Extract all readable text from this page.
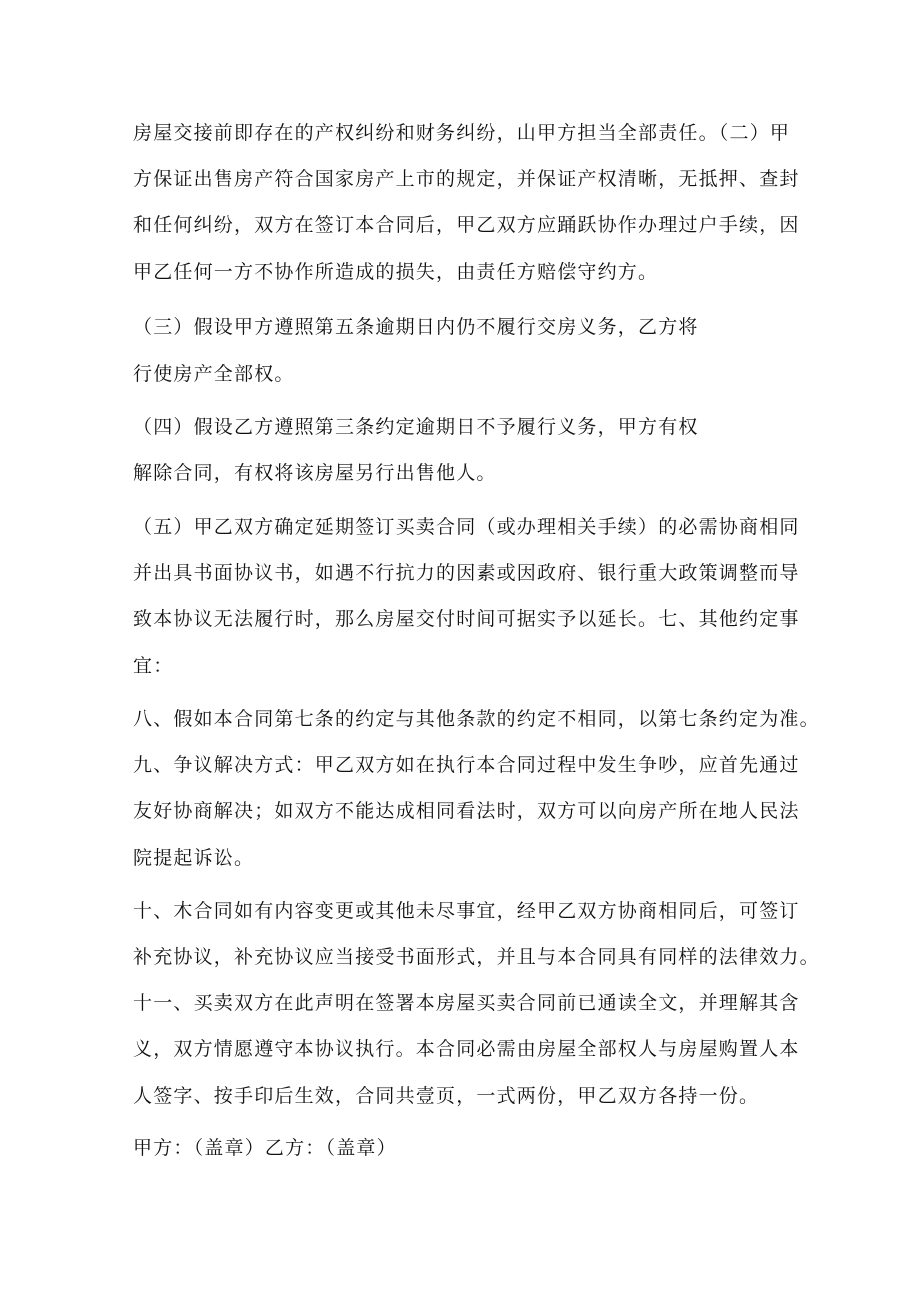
房屋交接前即存在的产权纠纷和财务纠纷，山甲方担当全部责任。（二）甲
方保证出售房产符合国家房产上市的规定，并保证产权清晰，无抵押、查封
和任何纠纷，双方在签订本合同后，甲乙双方应踊跃协作办理过户手续，因
甲乙任何一方不协作所造成的损失，由责任方赔偿守约方。
（三）假设甲方遵照第五条逾期日内仍不履行交房义务，乙方将
行使房产全部权。
（四）假设乙方遵照第三条约定逾期日不予履行义务，甲方有权
解除合同，有权将该房屋另行出售他人。
（五）甲乙双方确定延期签订买卖合同（或办理相关手续）的必需协商相同
并出具书面协议书，如遇不行抗力的因素或因政府、银行重大政策调整而导
致本协议无法履行时，那么房屋交付时间可据实予以延长。七、其他约定事
宜：
八、假如本合同第七条的约定与其他条款的约定不相同，以第七条约定为准。
九、争议解决方式：甲乙双方如在执行本合同过程中发生争吵，应首先通过
友好协商解决；如双方不能达成相同看法时，双方可以向房产所在地人民法
院提起诉讼。
十、木合同如有内容变更或其他未尽事宜，经甲乙双方协商相同后，可签订
补充协议，补充协议应当接受书面形式，并且与本合同具有同样的法律效力。
十一、买卖双方在此声明在签署本房屋买卖合同前已通读全文，并理解其含
义，双方情愿遵守本协议执行。本合同必需由房屋全部权人与房屋购置人本
人签字、按手印后生效，合同共壹页，一式两份，甲乙双方各持一份。
甲方：（盖章）乙方：（盖章）
